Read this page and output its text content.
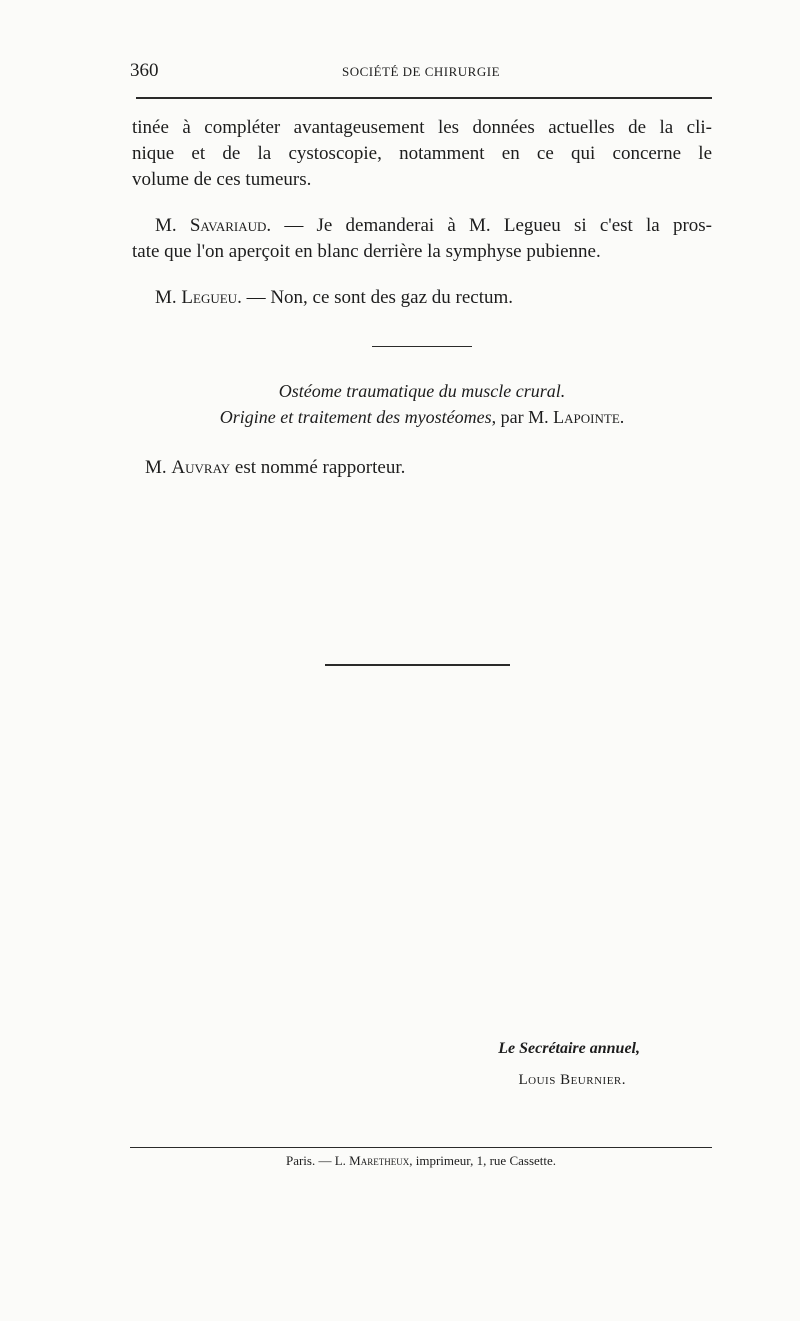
360	SOCIÉTÉ DE CHIRURGIE
tinée à compléter avantageusement les données actuelles de la cli-
nique et de la cystoscopie, notamment en ce qui concerne le
volume de ces tumeurs.
M. Savariaud. — Je demanderai à M. Legueu si c'est la pros-
tate que l'on aperçoit en blanc derrière la symphyse pubienne.
M. Legueu. — Non, ce sont des gaz du rectum.
Ostéome traumatique du muscle crural.
Origine et traitement des myostéomes, par M. Lapointe.
M. Auvray est nommé rapporteur.
Le Secrétaire annuel,
Louis Beurnier.
Paris. — L. Maretheux, imprimeur, 1, rue Cassette.
